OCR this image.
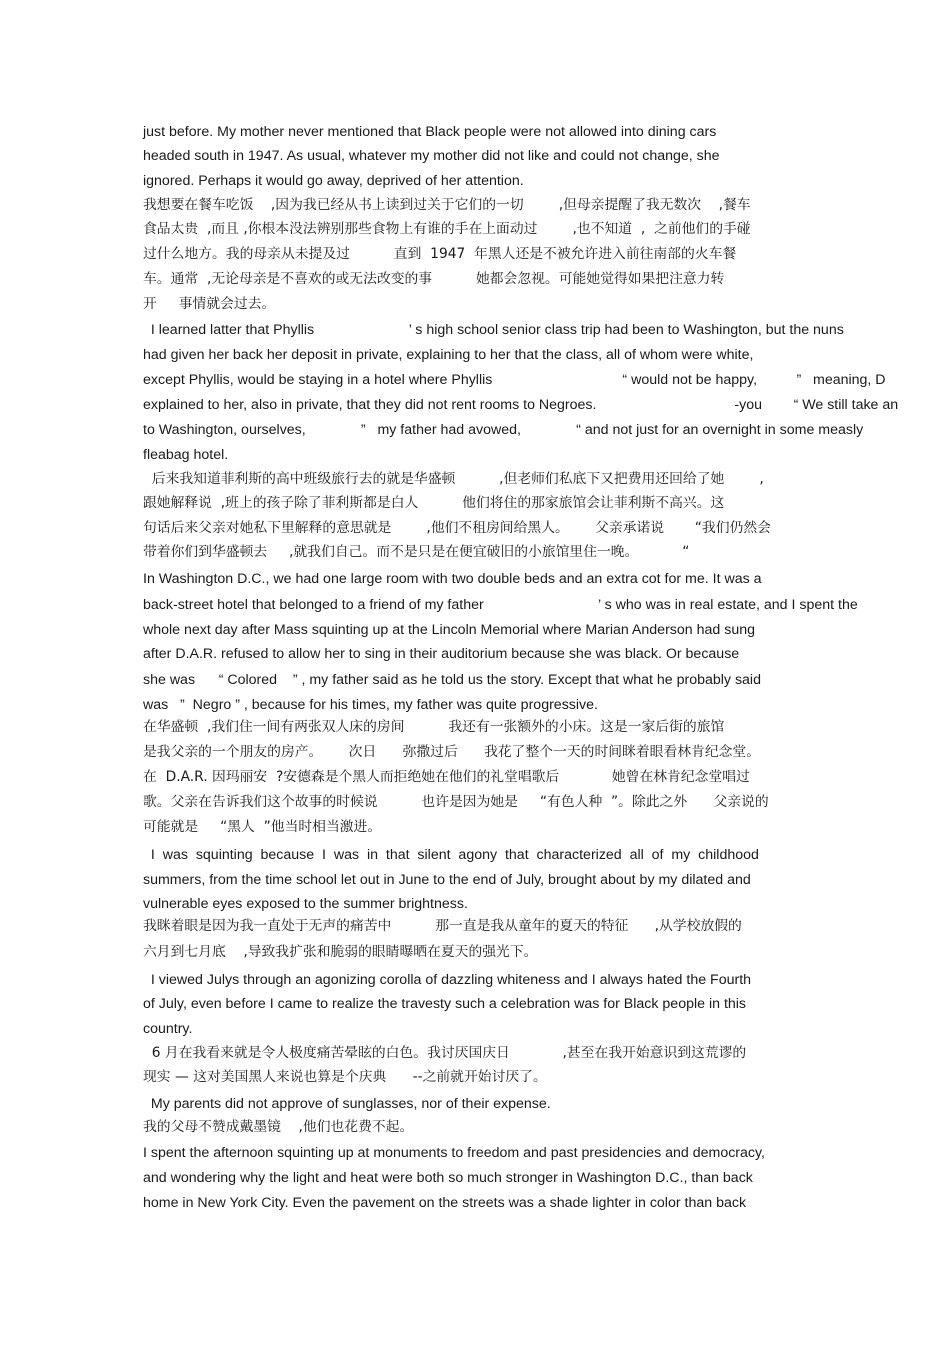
just before. My mother never mentioned that Black people were not allowed into dining cars
headed south in 1947. As usual, whatever my mother did not like and could not change, she
ignored. Perhaps it would go away, deprived of her attention.
我想要在餐车吃饭    ,因为我已经从书上读到过关于它们的一切        ,但母亲提醒了我无数次    ,餐车
食品太贵  ,而且 ,你根本没法辨别那些食物上有谁的手在上面动过        ,也不知道  ,  之前他们的手碰
过什么地方。我的母亲从未提及过          直到  1947  年黑人还是不被允许进入前往南部的火车餐
车。通常  ,无论母亲是不喜欢的或无法改变的事          她都会忽视。可能她觉得如果把注意力转
开     事情就会过去。
I learned latter that Phyllis                        ’ s high school senior class trip had been to Washington, but the nuns
had given her back her deposit in private, explaining to her that the class, all of whom were white,
except Phyllis, would be staying in a hotel where Phyllis                                 “ would not be happy,          ”   meaning, D
explained to her, also in private, that they did not rent rooms to Negroes.                                   -you        “ We still take an
to Washington, ourselves,              ”   my father had avowed,              “ and not just for an overnight in some measly
fleabag hotel.
后来我知道菲利斯的高中班级旅行去的就是华盛顿          ,但老师们私底下又把费用还回给了她        ,
跟她解释说  ,班上的孩子除了菲利斯都是白人          他们将住的那家旅馆会让菲利斯不高兴。这
句话后来父亲对她私下里解释的意思就是        ,他们不租房间给黑人。      父亲承诺说       “我们仍然会
带着你们到华盛顿去     ,就我们自己。而不是只是在便宜破旧的小旅馆里住一晚。          “
In Washington D.C., we had one large room with two double beds and an extra cot for me. It was a
back-street hotel that belonged to a friend of my father                             ’ s who was in real estate, and I spent the
whole next day after Mass squinting up at the Lincoln Memorial where Marian Anderson had sung
after D.A.R. refused to allow her to sing in their auditorium because she was black. Or because
she was      “ Colored    ” , my father said as he told us the story. Except that what he probably said
was   ”  Negro ” , because for his times, my father was quite progressive.
在华盛顿  ,我们住一间有两张双人床的房间          我还有一张额外的小床。这是一家后街的旅馆
是我父亲的一个朋友的房产。      次日      弥撒过后      我花了整个一天的时间眯着眼看林肯纪念堂。
在  D.A.R. 因玛丽安  ?安德森是个黑人而拒绝她在他们的礼堂唱歌后            她曾在林肯纪念堂唱过
歌。父亲在告诉我们这个故事的时候说          也许是因为她是     “有色人种  ”。除此之外      父亲说的
可能就是     “黑人  ”他当时相当激进。
I  was  squinting  because  I  was  in  that  silent  agony  that  characterized  all  of  my  childhood
summers, from the time school let out in June to the end of July, brought about by my dilated and
vulnerable eyes exposed to the summer brightness.
我眯着眼是因为我一直处于无声的痛苦中          那一直是我从童年的夏天的特征      ,从学校放假的
六月到七月底    ,导致我扩张和脆弱的眼睛曝晒在夏天的强光下。
I viewed Julys through an agonizing corolla of dazzling whiteness and I always hated the Fourth
of July, even before I came to realize the travesty such a celebration was for Black people in this
country.
6 月在我看来就是令人极度痛苦晕眩的白色。我讨厌国庆日            ,甚至在我开始意识到这荒谬的
现实 — 这对美国黑人来说也算是个庆典      --之前就开始讨厌了。
My parents did not approve of sunglasses, nor of their expense.
我的父母不赞成戴墨镜    ,他们也花费不起。
I spent the afternoon squinting up at monuments to freedom and past presidencies and democracy,
and wondering why the light and heat were both so much stronger in Washington D.C., than back
home in New York City. Even the pavement on the streets was a shade lighter in color than back
